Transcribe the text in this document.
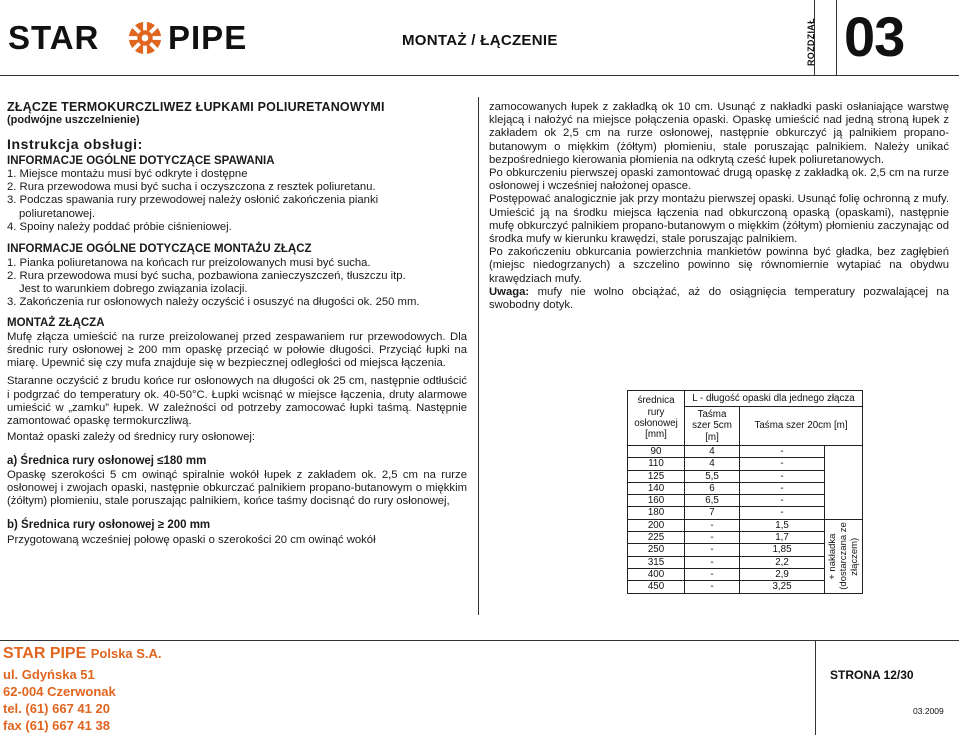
STAR PIPE	MONTAŻ / ŁĄCZENIE	ROZDZIAŁ 03

ZŁĄCZE TERMOKURCZLIWEZ ŁUPKAMI POLIURETANOWYMI

(podwójne uszczelnienie)

Instrukcja obsługi:

INFORMACJE OGÓLNE DOTYCZĄCE SPAWANIA

1. Miejsce montażu musi być odkryte i dostępne

2. Rura przewodowa musi być sucha i oczyszczona z resztek poliuretanu.

3. Podczas spawania rury przewodowej należy osłonić zakończenia pianki

poliuretanowej.

4. Spoiny należy poddać próbie ciśnieniowej.

INFORMACJE OGÓLNE DOTYCZĄCE MONTAŻU ZŁĄCZ

1. Pianka poliuretanowa na końcach rur preizolowanych musi być sucha.

2. Rura przewodowa musi być sucha, pozbawiona zanieczyszczeń, tłuszczu itp.

Jest to warunkiem dobrego związania izolacji.

3. Zakończenia rur osłonowych należy oczyścić i osuszyć na długości ok. 250 mm.

MONTAŻ ZŁĄCZA

Mufę złącza umieścić na rurze preizolowanej przed zespawaniem rur przewodowych. Dla średnic rury osłonowej ≥ 200 mm opaskę przeciąć w połowie długości. Przyciąć łupki na miarę. Upewnić się czy mufa znajduje się w bezpiecznej odległości od miejsca łączenia.

Staranne oczyścić z brudu końce rur osłonowych na długości ok 25 cm, następnie odtłuścić i podgrzać do temperatury ok. 40-50°C. Łupki wcisnąć w miejsce łączenia, druty alarmowe umieścić w „zamku” łupek. W zależności od potrzeby zamocować łupki taśmą. Następnie zamontować opaskę termokurczliwą.

Montaż opaski zależy od średnicy rury osłonowej:

a) Średnica rury osłonowej ≤180 mm

Opaskę szerokości 5 cm owinąć spiralnie wokół łupek z zakładem ok. 2,5 cm na rurze osłonowej i zwojach opaski, następnie obkurczać palnikiem propano-butanowym o miękkim (żółtym) płomieniu, stale poruszając palnikiem, końce taśmy docisnąć do rury osłonowej,

b) Średnica rury osłonowej ≥ 200 mm

Przygotowaną wcześniej połowę opaski o szerokości 20 cm owinąć wokół

zamocowanych łupek z zakładką ok 10 cm. Usunąć z nakładki paski osłaniające warstwę klejącą i nałożyć na miejsce połączenia opaski. Opaskę umieścić nad jedną stroną łupek z zakładem ok 2,5 cm na rurze osłonowej, następnie obkurczyć ją palnikiem propano-butanowym o miękkim (żółtym) płomieniu, stale poruszając palnikiem. Należy unikać bezpośredniego kierowania płomienia na odkrytą cześć łupek poliuretanowych.

Po obkurczeniu pierwszej opaski zamontować drugą opaskę z zakładką ok. 2,5 cm na rurze osłonowej i wcześniej nałożonej opasce.

Postępować analogicznie jak przy montażu pierwszej opaski. Usunąć folię ochronną z mufy. Umieścić ją na środku miejsca łączenia nad obkurczoną opaską (opaskami), następnie mufę obkurczyć palnikiem propano-butanowym o miękkim (żółtym) płomieniu zaczynając od środka mufy w kierunku krawędzi, stale poruszając palnikiem.

Po zakończeniu obkurcania powierzchnia mankietów powinna być gładka, bez zagłębień (miejsc niedogrzanych) a szczelino powinno się równomiernie wytapiać na obydwu krawędziach mufy.

Uwaga: mufy nie wolno obciążać, aż do osiągnięcia temperatury pozwalającej na swobodny dotyk.

średnica rury osłonowej [mm]	L - długość opaski dla jednego złącza		
	Taśma szer 5cm [m]	Taśma szer 20cm [m]	
90	4	-	
110	4	-	
125	5,5	-	
140	6	-	
160	6,5	-	
180	7	-	
200	-	1,5	+ nakładka (dostarczana ze złączem)

225	-	1,7	
250	-	1,85	
315	-	2,2	
400	-	2,9	
450	-	3,25	
STAR PIPE Polska S.A.
ul. Gdyńska 51
62-004 Czerwonak
tel. (61) 667 41 20
fax (61) 667 41 38
STRONA 12/30
03.2009
